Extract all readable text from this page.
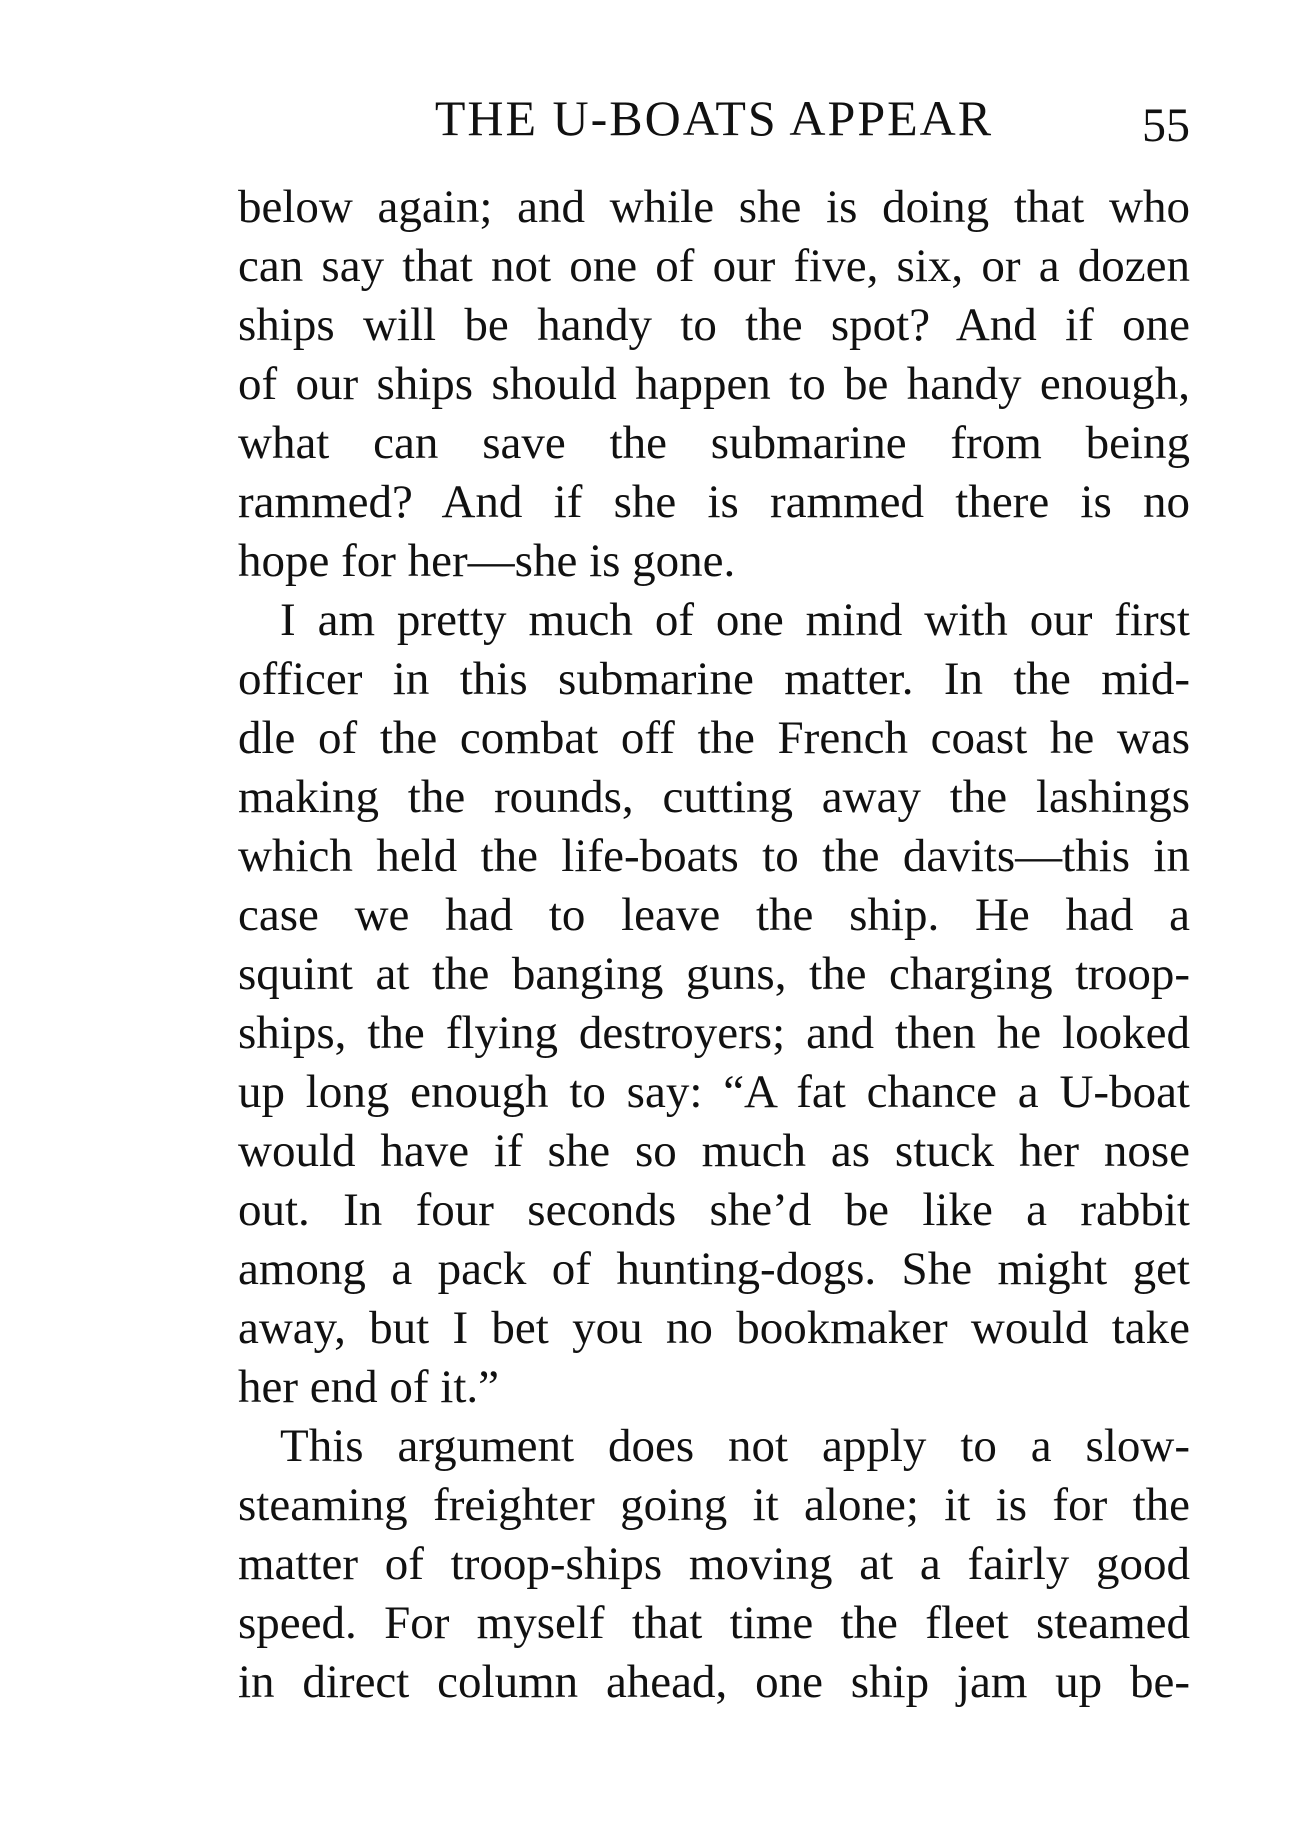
THE U-BOATS APPEAR	55
below again; and while she is doing that who
can say that not one of our five, six, or a dozen
ships will be handy to the spot? And if one
of our ships should happen to be handy enough,
what can save the submarine from being
rammed? And if she is rammed there is no
hope for her—she is gone.
I am pretty much of one mind with our first
officer in this submarine matter. In the mid-
dle of the combat off the French coast he was
making the rounds, cutting away the lashings
which held the life-boats to the davits—this in
case we had to leave the ship. He had a
squint at the banging guns, the charging troop-
ships, the flying destroyers; and then he looked
up long enough to say: “A fat chance a U-boat
would have if she so much as stuck her nose
out. In four seconds she’d be like a rabbit
among a pack of hunting-dogs. She might get
away, but I bet you no bookmaker would take
her end of it.”
This argument does not apply to a slow-
steaming freighter going it alone; it is for the
matter of troop-ships moving at a fairly good
speed. For myself that time the fleet steamed
in direct column ahead, one ship jam up be-
